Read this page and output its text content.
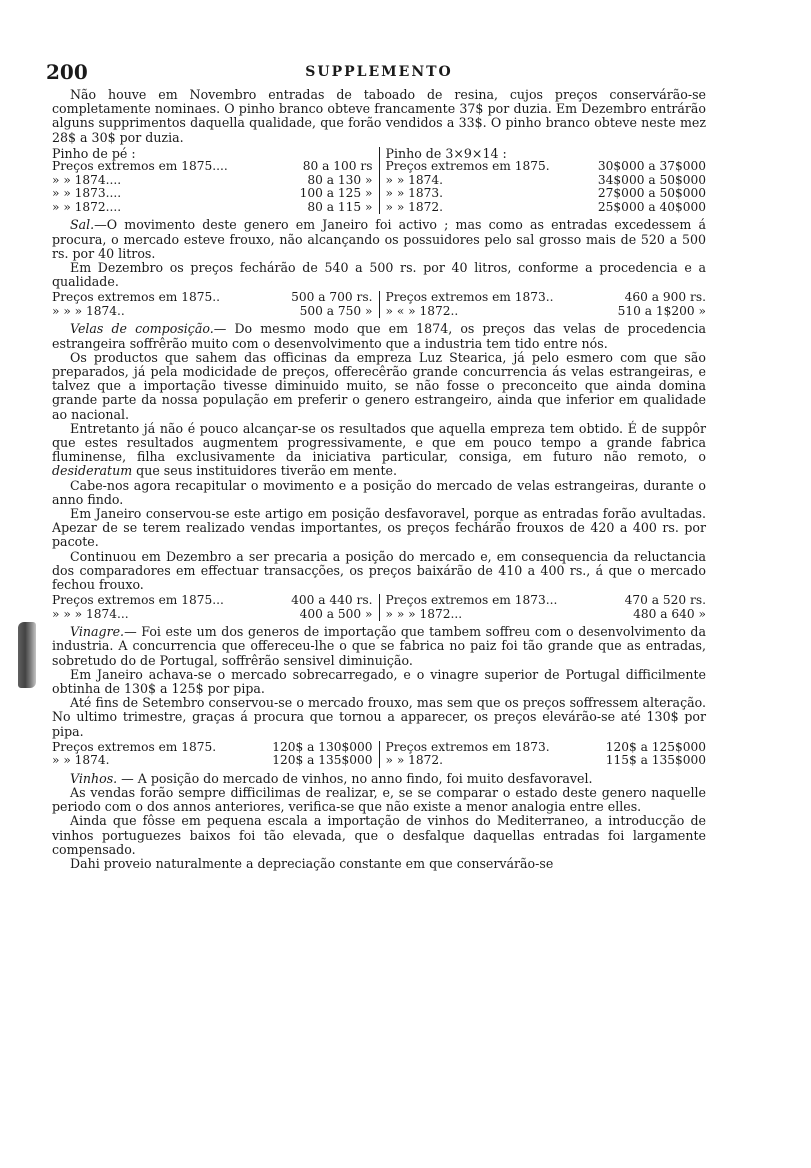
200	SUPPLEMENTO

Não houve em Novembro entradas de taboado de resina, cujos preços conservárão-se completamente nominaes. O pinho branco obteve francamente 37$ por duzia. Em Dezembro entrárão alguns supprimentos daquella qualidade, que forão vendidos a 33$. O pinho branco obteve neste mez 28$ a 30$ por duzia.

Pinho de pé :
Preços extremos em 1875....	80 a 100 rs
» » 1874....	80 a 130 »
» » 1873....	100 a 125 »
» » 1872....	80 a 115 »
Pinho de 3×9×14 :
Preços extremos em 1875.	30$000 a 37$000
» » 1874.	34$000 a 50$000
» » 1873.	27$000 a 50$000
» » 1872.	25$000 a 40$000

Sal.—O movimento deste genero em Janeiro foi activo ; mas como as entradas excedessem á procura, o mercado esteve frouxo, não alcançando os possuidores pelo sal grosso mais de 520 a 500 rs. por 40 litros.

Em Dezembro os preços fechárão de 540 a 500 rs. por 40 litros, conforme a procedencia e a qualidade.

Preços extremos em 1875..	500 a 700 rs.
» » » 1874..	500 a 750 »
Preços extremos em 1873..	460 a 900 rs.
» « » 1872..	510 a 1$200 »

Velas de composição.— Do mesmo modo que em 1874, os preços das velas de procedencia estrangeira soffrêrão muito com o desenvolvimento que a industria tem tido entre nós.

Os productos que sahem das officinas da empreza Luz Stearica, já pelo esmero com que são preparados, já pela modicidade de preços, offerecêrão grande concurrencia ás velas estrangeiras, e talvez que a importação tivesse diminuido muito, se não fosse o preconceito que ainda domina grande parte da nossa população em preferir o genero estrangeiro, ainda que inferior em qualidade ao nacional.

Entretanto já não é pouco alcançar-se os resultados que aquella empreza tem obtido. É de suppôr que estes resultados augmentem progressivamente, e que em pouco tempo a grande fabrica fluminense, filha exclusivamente da iniciativa particular, consiga, em futuro não remoto, o desideratum que seus instituidores tiverão em mente.

Cabe-nos agora recapitular o movimento e a posição do mercado de velas estrangeiras, durante o anno findo.

Em Janeiro conservou-se este artigo em posição desfavoravel, porque as entradas forão avultadas. Apezar de se terem realizado vendas importantes, os preços fechárão frouxos de 420 a 400 rs. por pacote.

Continuou em Dezembro a ser precaria a posição do mercado e, em consequencia da reluctancia dos comparadores em effectuar transacções, os preços baixárão de 410 a 400 rs., á que o mercado fechou frouxo.

Preços extremos em 1875...	400 a 440 rs.
» » » 1874...	400 a 500 »
Preços extremos em 1873...	470 a 520 rs.
» » » 1872...	480 a 640 »

Vinagre.— Foi este um dos generos de importação que tambem soffreu com o desenvolvimento da industria. A concurrencia que offereceu-lhe o que se fabrica no paiz foi tão grande que as entradas, sobretudo do de Portugal, soffrêrão sensivel diminuição.

Em Janeiro achava-se o mercado sobrecarregado, e o vinagre superior de Portugal difficilmente obtinha de 130$ a 125$ por pipa.

Até fins de Setembro conservou-se o mercado frouxo, mas sem que os preços soffressem alteração. No ultimo trimestre, graças á procura que tornou a apparecer, os preços elevárão-se até 130$ por pipa.

Preços extremos em 1875.	120$ a 130$000
» » 1874.	120$ a 135$000
Preços extremos em 1873.	120$ a 125$000
» » 1872.	115$ a 135$000

Vinhos. — A posição do mercado de vinhos, no anno findo, foi muito desfavoravel.

As vendas forão sempre difficilimas de realizar, e, se se comparar o estado deste genero naquelle periodo com o dos annos anteriores, verifica-se que não existe a menor analogia entre elles.

Ainda que fôsse em pequena escala a importação de vinhos do Mediterraneo, a introducção de vinhos portuguezes baixos foi tão elevada, que o desfalque daquellas entradas foi largamente compensado.

Dahi proveio naturalmente a depreciação constante em que conservárão-se
